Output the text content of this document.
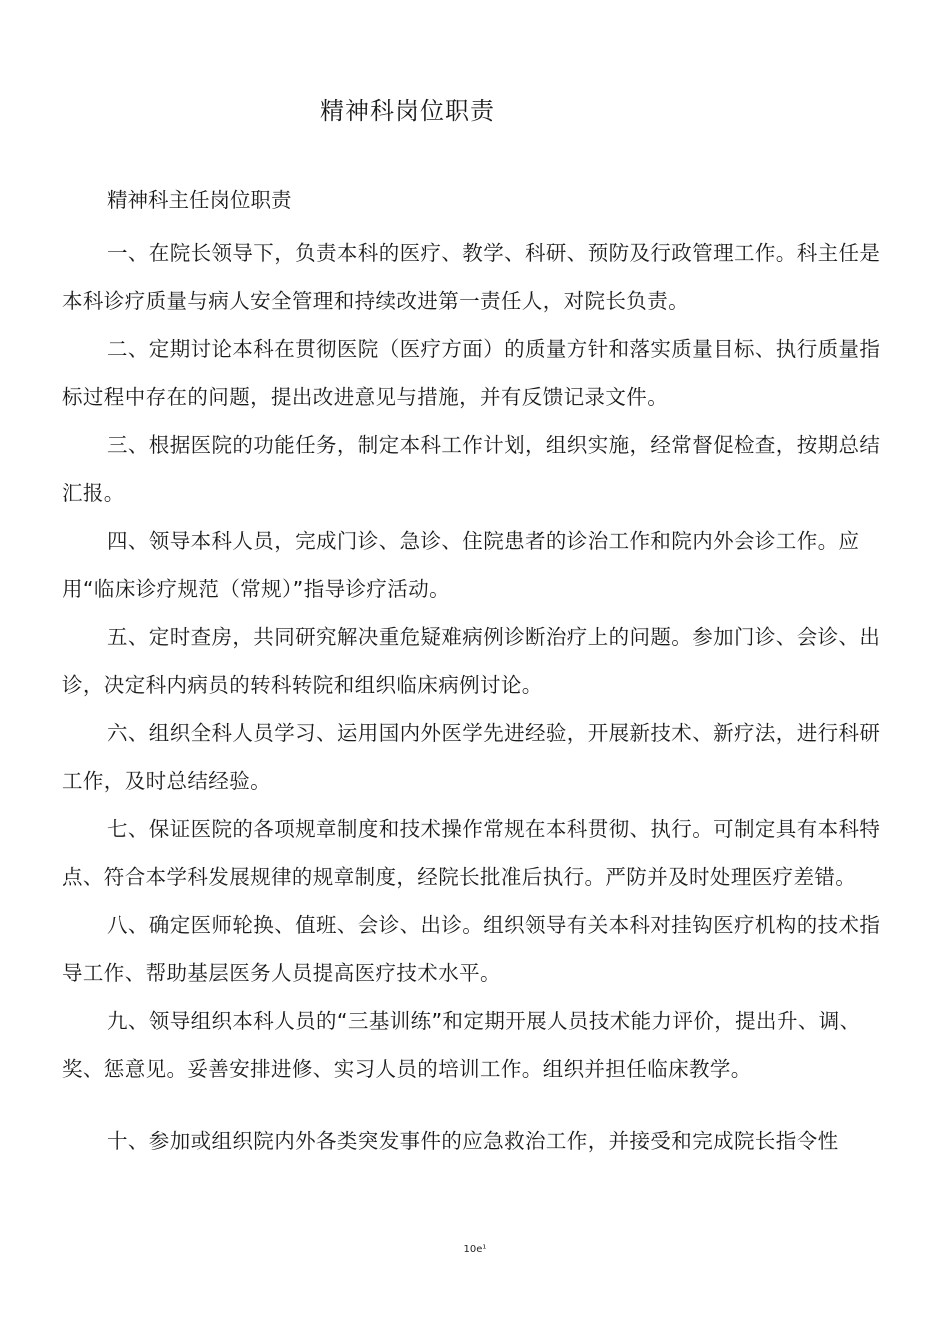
精神科岗位职责
精神科主任岗位职责

一、在院长领导下，负责本科的医疗、教学、科研、预防及行政管理工作。科主任是本科诊疗质量与病人安全管理和持续改进第一责任人，对院长负责。

二、定期讨论本科在贯彻医院（医疗方面）的质量方针和落实质量目标、执行质量指标过程中存在的问题，提出改进意见与措施，并有反馈记录文件。

三、根据医院的功能任务，制定本科工作计划，组织实施，经常督促检查，按期总结汇报。

四、领导本科人员，完成门诊、急诊、住院患者的诊治工作和院内外会诊工作。应用“临床诊疗规范（常规）”指导诊疗活动。

五、定时查房，共同研究解决重危疑难病例诊断治疗上的问题。参加门诊、会诊、出诊，决定科内病员的转科转院和组织临床病例讨论。

六、组织全科人员学习、运用国内外医学先进经验，开展新技术、新疗法，进行科研工作，及时总结经验。

七、保证医院的各项规章制度和技术操作常规在本科贯彻、执行。可制定具有本科特点、符合本学科发展规律的规章制度，经院长批准后执行。严防并及时处理医疗差错。

八、确定医师轮换、值班、会诊、出诊。组织领导有关本科对挂钩医疗机构的技术指导工作、帮助基层医务人员提高医疗技术水平。

九、领导组织本科人员的“三基训练”和定期开展人员技术能力评价，提出升、调、奖、惩意见。妥善安排进修、实习人员的培训工作。组织并担任临床教学。

十、参加或组织院内外各类突发事件的应急救治工作，并接受和完成院长指令性

10e¹
